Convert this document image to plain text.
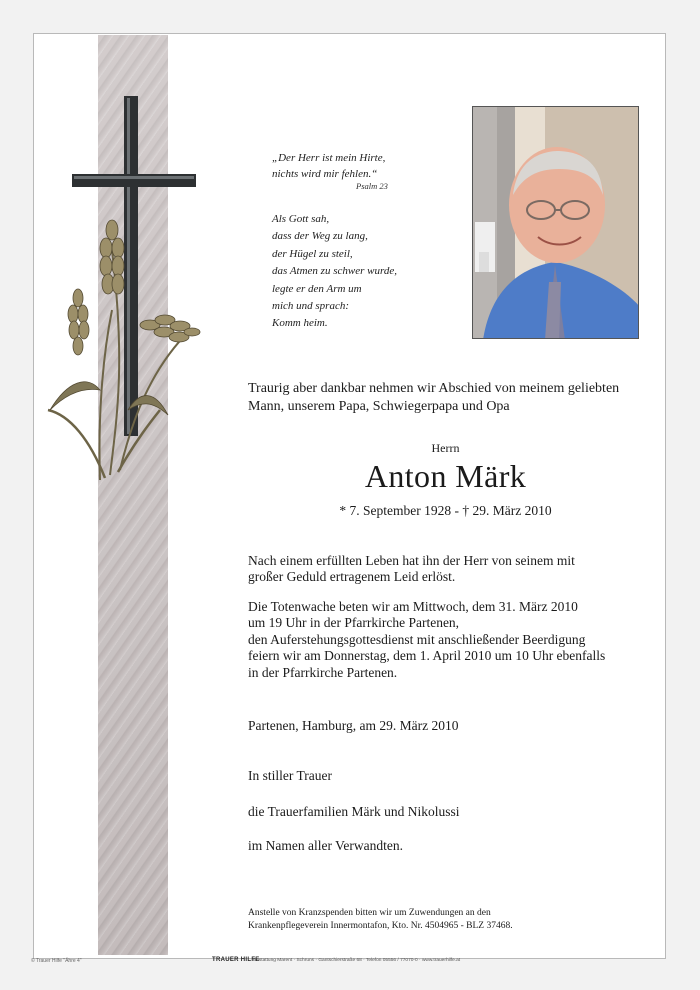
„Der Herr ist mein Hirte,
nichts wird mir fehlen.“
Psalm 23
Als Gott sah,
dass der Weg zu lang,
der Hügel zu steil,
das Atmen zu schwer wurde,
legte er den Arm um
mich und sprach:
Komm heim.
Traurig aber dankbar nehmen wir Abschied von meinem geliebten
Mann, unserem Papa, Schwiegerpapa und Opa
Herrn
Anton Märk
* 7. September 1928 - † 29. März 2010
Nach einem erfüllten Leben hat ihn der Herr von seinem mit
großer Geduld ertragenem Leid erlöst.
Die Totenwache beten wir am Mittwoch, dem 31. März 2010
um 19 Uhr in der Pfarrkirche Partenen,
den Auferstehungsgottesdienst mit anschließender Beerdigung
feiern wir am Donnerstag, dem 1. April 2010 um 10 Uhr ebenfalls
in der Pfarrkirche Partenen.
Partenen, Hamburg, am 29. März 2010
In stiller Trauer
die Trauerfamilien Märk und Nikolussi
im Namen aller Verwandten.
Anstelle von Kranzspenden bitten wir um Zuwendungen an den
Krankenpflegeverein Innermontafon, Kto. Nr. 4504965 - BLZ 37468.
© Trauer Hilfe "Ähre 4"	TRAUER HILFE
Bestattung Marent · Schruns · Gantschierstraße 68 · Telefon 05556 / 77070-0 · www.trauerhilfe.at
